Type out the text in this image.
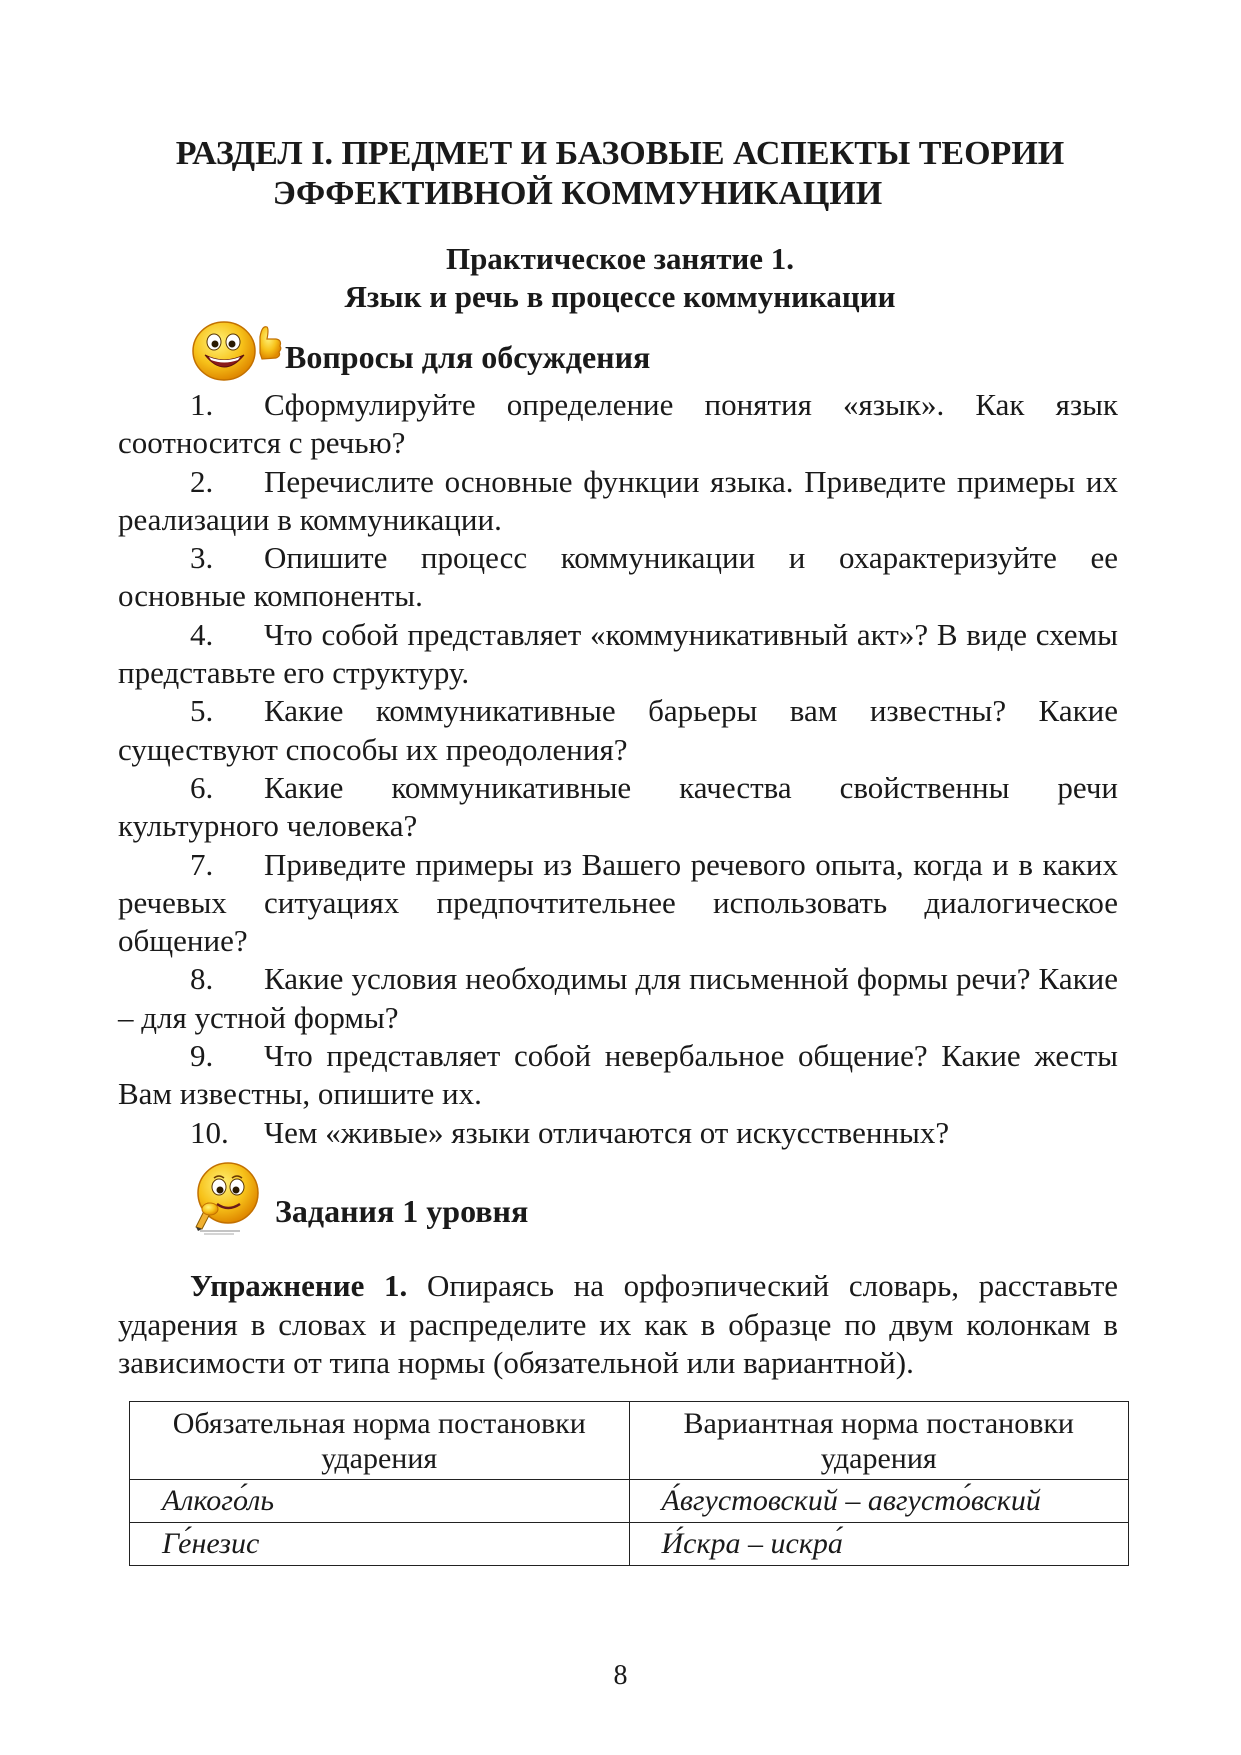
РАЗДЕЛ I. ПРЕДМЕТ И БАЗОВЫЕ АСПЕКТЫ ТЕОРИИ
ЭФФЕКТИВНОЙ КОММУНИКАЦИИ
Практическое занятие 1.
Язык и речь в процессе коммуникации
Вопросы для обсуждения
1. Сформулируйте определение понятия «язык». Как язык соотносится с речью?
2. Перечислите основные функции языка. Приведите примеры их реализации в коммуникации.
3. Опишите процесс коммуникации и охарактеризуйте ее основные компоненты.
4. Что собой представляет «коммуникативный акт»? В виде схемы представьте его структуру.
5. Какие коммуникативные барьеры вам известны? Какие существуют способы их преодоления?
6. Какие коммуникативные качества свойственны речи культурного человека?
7. Приведите примеры из Вашего речевого опыта, когда и в каких речевых ситуациях предпочтительнее использовать диалогическое общение?
8. Какие условия необходимы для письменной формы речи? Какие – для устной формы?
9. Что представляет собой невербальное общение? Какие жесты Вам известны, опишите их.
10. Чем «живые» языки отличаются от искусственных?
Задания 1 уровня
Упражнение 1. Опираясь на орфоэпический словарь, расставьте ударения в словах и распределите их как в образце по двум колонкам в зависимости от типа нормы (обязательной или вариантной).
Обязательная норма постановки ударения	Вариантная норма постановки ударения
Алкого́ль	А́вгустовский – августо́вский
Ге́незис	И́скра – искра́
8
